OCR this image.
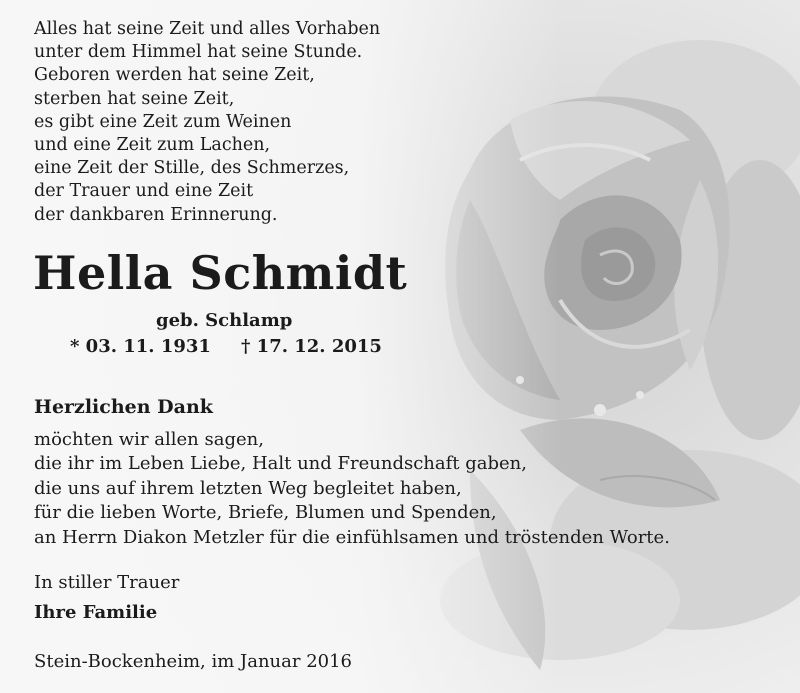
Alles hat seine Zeit und alles Vorhaben
unter dem Himmel hat seine Stunde.
Geboren werden hat seine Zeit,
sterben hat seine Zeit,
es gibt eine Zeit zum Weinen
und eine Zeit zum Lachen,
eine Zeit der Stille, des Schmerzes,
der Trauer und eine Zeit
der dankbaren Erinnerung.
Hella Schmidt
geb. Schlamp
* 03. 11. 1931 † 17. 12. 2015
Herzlichen Dank
möchten wir allen sagen,
die ihr im Leben Liebe, Halt und Freundschaft gaben,
die uns auf ihrem letzten Weg begleitet haben,
für die lieben Worte, Briefe, Blumen und Spenden,
an Herrn Diakon Metzler für die einfühlsamen und tröstenden Worte.
In stiller Trauer
Ihre Familie
Stein-Bockenheim, im Januar 2016
